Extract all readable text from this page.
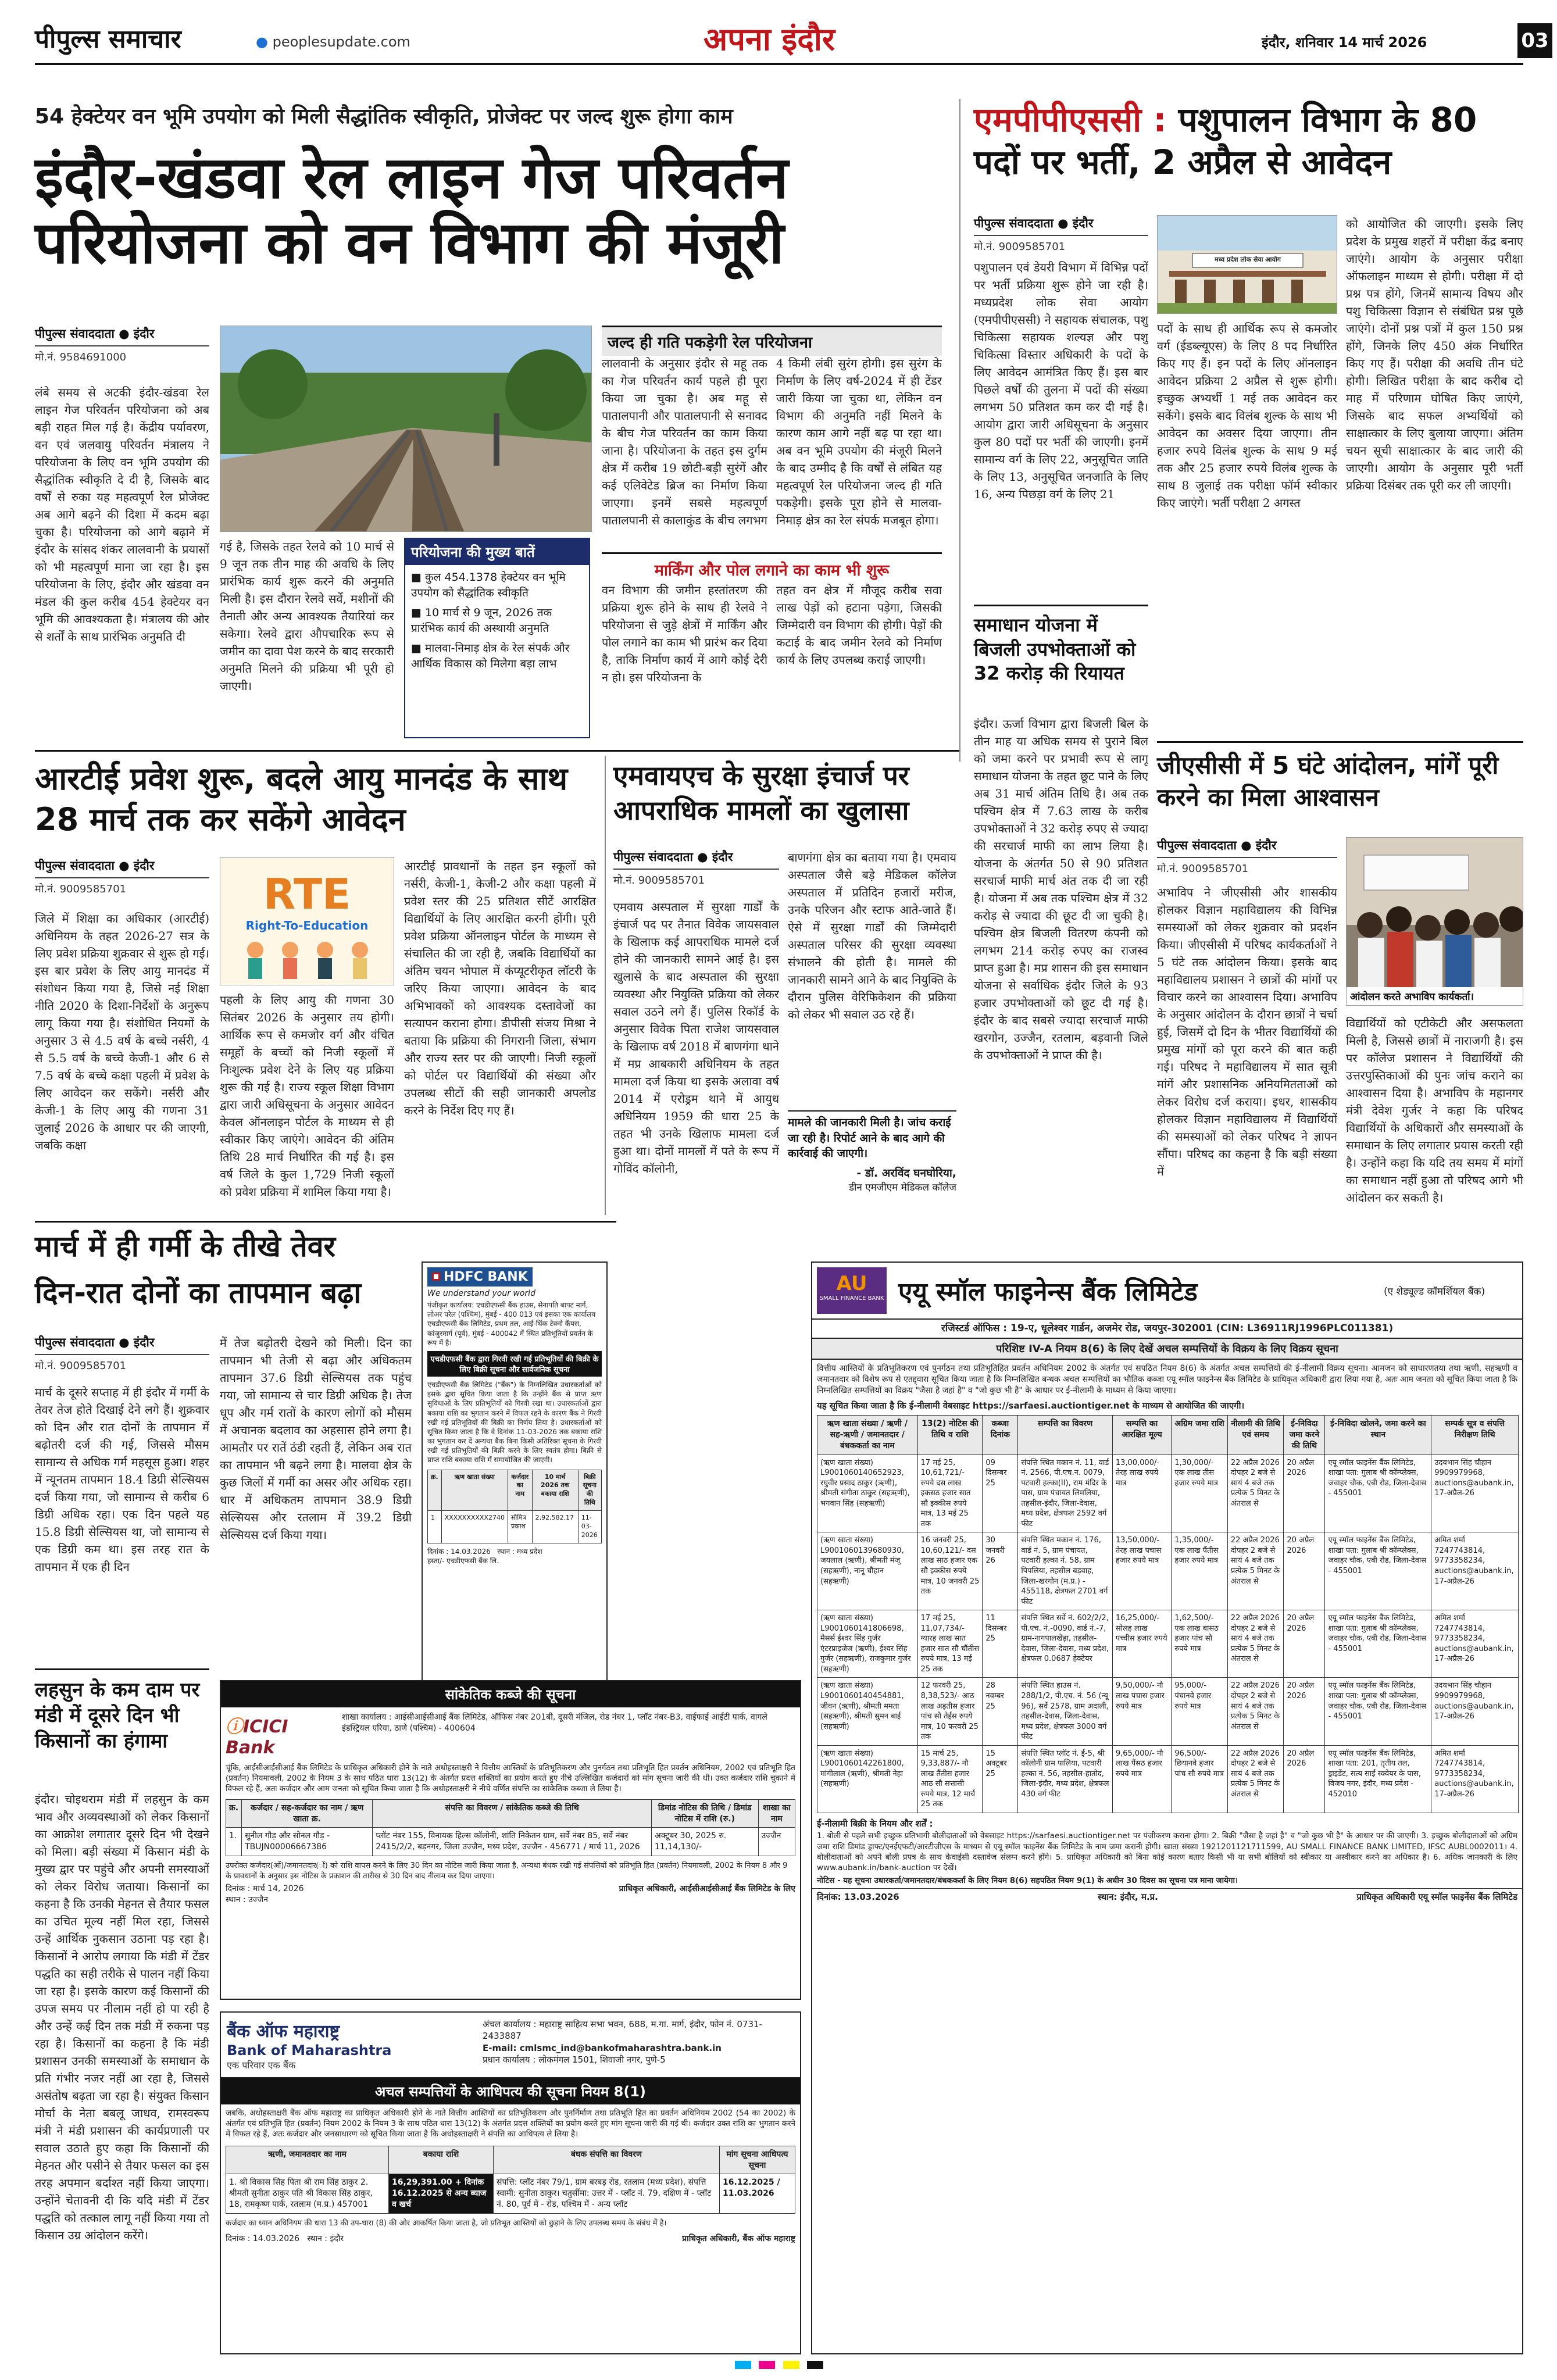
पीपुल्स समाचार	● peoplesupdate.com	अपना इंदौर	इंदौर, शनिवार 14 मार्च 2026	03
54 हेक्टेयर वन भूमि उपयोग को मिली सैद्धांतिक स्वीकृति, प्रोजेक्ट पर जल्द शुरू होगा काम
इंदौर-खंडवा रेल लाइन गेज परिवर्तन परियोजना को वन विभाग की मंजूरी
पीपुल्स संवाददाता ● इंदौर
मो.नं. 9584691000
लंबे समय से अटकी इंदौर-खंडवा रेल लाइन गेज परिवर्तन परियोजना को अब बड़ी राहत मिल गई है। केंद्रीय पर्यावरण, वन एवं जलवायु परिवर्तन मंत्रालय ने परियोजना के लिए वन भूमि उपयोग की सैद्धांतिक स्वीकृति दे दी है, जिसके बाद वर्षों से रुका यह महत्वपूर्ण रेल प्रोजेक्ट अब आगे बढ़ने की दिशा में कदम बढ़ा चुका है। परियोजना को आगे बढ़ाने में इंदौर के सांसद शंकर लालवानी के प्रयासों को भी महत्वपूर्ण माना जा रहा है। इस परियोजना के लिए, इंदौर और खंडवा वन मंडल की कुल करीब 454 हेक्टेयर वन भूमि की आवश्यकता है। मंत्रालय की ओर से शर्तों के साथ प्रारंभिक अनुमति दी
गई है, जिसके तहत रेलवे को 10 मार्च से 9 जून तक तीन माह की अवधि के लिए प्रारंभिक कार्य शुरू करने की अनुमति मिली है। इस दौरान रेलवे सर्वे, मशीनों की तैनाती और अन्य आवश्यक तैयारियां कर सकेगा। रेलवे द्वारा औपचारिक रूप से जमीन का दावा पेश करने के बाद सरकारी अनुमति मिलने की प्रक्रिया भी पूरी हो जाएगी।
परियोजना की मुख्य बातें
■ कुल 454.1378 हेक्टेयर वन भूमि उपयोग को सैद्धांतिक स्वीकृति
■ 10 मार्च से 9 जून, 2026 तक प्रारंभिक कार्य की अस्थायी अनुमति
■ मालवा-निमाड़ क्षेत्र के रेल संपर्क और आर्थिक विकास को मिलेगा बड़ा लाभ
जल्द ही गति पकड़ेगी रेल परियोजना
लालवानी के अनुसार इंदौर से महू तक का गेज परिवर्तन कार्य पहले ही पूरा किया जा चुका है। अब महू से पातालपानी और पातालपानी से सनावद के बीच गेज परिवर्तन का काम किया जाना है। परियोजना के तहत इस दुर्गम क्षेत्र में करीब 19 छोटी-बड़ी सुरंगें और कई एलिवेटेड ब्रिज का निर्माण किया जाएगा। इनमें सबसे महत्वपूर्ण पातालपानी से कालाकुंड के बीच लगभग
4 किमी लंबी सुरंग होगी। इस सुरंग के निर्माण के लिए वर्ष-2024 में ही टेंडर जारी किया जा चुका था, लेकिन वन विभाग की अनुमति नहीं मिलने के कारण काम आगे नहीं बढ़ पा रहा था। अब वन भूमि उपयोग की मंजूरी मिलने के बाद उम्मीद है कि वर्षों से लंबित यह महत्वपूर्ण रेल परियोजना जल्द ही गति पकड़ेगी। इसके पूरा होने से मालवा-निमाड़ क्षेत्र का रेल संपर्क मजबूत होगा।
मार्किंग और पोल लगाने का काम भी शुरू
वन विभाग की जमीन हस्तांतरण की प्रक्रिया शुरू होने के साथ ही रेलवे ने परियोजना से जुड़े क्षेत्रों में मार्किंग और पोल लगाने का काम भी प्रारंभ कर दिया है, ताकि निर्माण कार्य में आगे कोई देरी न हो। इस परियोजना के
तहत वन क्षेत्र में मौजूद करीब सवा लाख पेड़ों को हटाना पड़ेगा, जिसकी जिम्मेदारी वन विभाग की होगी। पेड़ों की कटाई के बाद जमीन रेलवे को निर्माण कार्य के लिए उपलब्ध कराई जाएगी।
एमपीपीएससी : पशुपालन विभाग के 80 पदों पर भर्ती, 2 अप्रैल से आवेदन
पीपुल्स संवाददाता ● इंदौर
मो.नं. 9009585701
मध्य प्रदेश लोक सेवा आयोग
पशुपालन एवं डेयरी विभाग में विभिन्न पदों पर भर्ती प्रक्रिया शुरू होने जा रही है। मध्यप्रदेश लोक सेवा आयोग (एमपीपीएससी) ने सहायक संचालक, पशु चिकित्सा सहायक शल्यज्ञ और पशु चिकित्सा विस्तार अधिकारी के पदों के लिए आवेदन आमंत्रित किए हैं। इस बार पिछले वर्षों की तुलना में पदों की संख्या लगभग 50 प्रतिशत कम कर दी गई है। आयोग द्वारा जारी अधिसूचना के अनुसार कुल 80 पदों पर भर्ती की जाएगी। इनमें सामान्य वर्ग के लिए 22, अनुसूचित जाति के लिए 13, अनुसूचित जनजाति के लिए 16, अन्य पिछड़ा वर्ग के लिए 21
पदों के साथ ही आर्थिक रूप से कमजोर वर्ग (ईडब्ल्यूएस) के लिए 8 पद निर्धारित किए गए हैं। इन पदों के लिए ऑनलाइन आवेदन प्रक्रिया 2 अप्रैल से शुरू होगी। इच्छुक अभ्यर्थी 1 मई तक आवेदन कर सकेंगे। इसके बाद विलंब शुल्क के साथ भी आवेदन का अवसर दिया जाएगा। तीन हजार रुपये विलंब शुल्क के साथ 9 मई तक और 25 हजार रुपये विलंब शुल्क के साथ 8 जुलाई तक परीक्षा फॉर्म स्वीकार किए जाएंगे। भर्ती परीक्षा 2 अगस्त
को आयोजित की जाएगी। इसके लिए प्रदेश के प्रमुख शहरों में परीक्षा केंद्र बनाए जाएंगे। आयोग के अनुसार परीक्षा ऑफलाइन माध्यम से होगी। परीक्षा में दो प्रश्न पत्र होंगे, जिनमें सामान्य विषय और पशु चिकित्सा विज्ञान से संबंधित प्रश्न पूछे जाएंगे। दोनों प्रश्न पत्रों में कुल 150 प्रश्न होंगे, जिनके लिए 450 अंक निर्धारित किए गए हैं। परीक्षा की अवधि तीन घंटे होगी। लिखित परीक्षा के बाद करीब दो माह में परिणाम घोषित किए जाएंगे, जिसके बाद सफल अभ्यर्थियों को साक्षात्कार के लिए बुलाया जाएगा। अंतिम चयन सूची साक्षात्कार के बाद जारी की जाएगी। आयोग के अनुसार पूरी भर्ती प्रक्रिया दिसंबर तक पूरी कर ली जाएगी।
समाधान योजना में बिजली उपभोक्ताओं को 32 करोड़ की रियायत
इंदौर। ऊर्जा विभाग द्वारा बिजली बिल के तीन माह या अधिक समय से पुराने बिल को जमा करने पर प्रभावी रूप से लागू समाधान योजना के तहत छूट पाने के लिए अब 31 मार्च अंतिम तिथि है। अब तक पश्चिम क्षेत्र में 7.63 लाख के करीब उपभोक्ताओं ने 32 करोड़ रुपए से ज्यादा की सरचार्ज माफी का लाभ लिया है। योजना के अंतर्गत 50 से 90 प्रतिशत सरचार्ज माफी मार्च अंत तक दी जा रही है। योजना में अब तक पश्चिम क्षेत्र में 32 करोड़ से ज्यादा की छूट दी जा चुकी है। पश्चिम क्षेत्र बिजली वितरण कंपनी को लगभग 214 करोड़ रुपए का राजस्व प्राप्त हुआ है। मप्र शासन की इस समाधान योजना से सर्वाधिक इंदौर जिले के 93 हजार उपभोक्ताओं को छूट दी गई है। इंदौर के बाद सबसे ज्यादा सरचार्ज माफी खरगोन, उज्जैन, रतलाम, बड़वानी जिले के उपभोक्ताओं ने प्राप्त की है।
जीएसीसी में 5 घंटे आंदोलन, मांगें पूरी करने का मिला आश्वासन
पीपुल्स संवाददाता ● इंदौर
मो.नं. 9009585701
आंदोलन करते अभाविप कार्यकर्ता।
अभाविप ने जीएसीसी और शासकीय होलकर विज्ञान महाविद्यालय की विभिन्न समस्याओं को लेकर शुक्रवार को प्रदर्शन किया। जीएसीसी में परिषद कार्यकर्ताओं ने 5 घंटे तक आंदोलन किया। इसके बाद महाविद्यालय प्रशासन ने छात्रों की मांगों पर विचार करने का आश्वासन दिया। अभाविप के अनुसार आंदोलन के दौरान छात्रों ने चर्चा हुई, जिसमें दो दिन के भीतर विद्यार्थियों की प्रमुख मांगों को पूरा करने की बात कही गई। परिषद ने महाविद्यालय में सात सूत्री मांगें और प्रशासनिक अनियमितताओं को लेकर विरोध दर्ज कराया। इधर, शासकीय होलकर विज्ञान महाविद्यालय में विद्यार्थियों की समस्याओं को लेकर परिषद ने ज्ञापन सौंपा। परिषद का कहना है कि बड़ी संख्या में
विद्यार्थियों को एटीकेटी और असफलता मिली है, जिससे छात्रों में नाराजगी है। इस पर कॉलेज प्रशासन ने विद्यार्थियों की उत्तरपुस्तिकाओं की पुनः जांच कराने का आश्वासन दिया है। अभाविप के महानगर मंत्री देवेश गुर्जर ने कहा कि परिषद विद्यार्थियों के अधिकारों और समस्याओं के समाधान के लिए लगातार प्रयास करती रही है। उन्होंने कहा कि यदि तय समय में मांगों का समाधान नहीं हुआ तो परिषद आगे भी आंदोलन कर सकती है।
आरटीई प्रवेश शुरू, बदले आयु मानदंड के साथ 28 मार्च तक कर सकेंगे आवेदन
पीपुल्स संवाददाता ● इंदौर
मो.नं. 9009585701
जिले में शिक्षा का अधिकार (आरटीई) अधिनियम के तहत 2026-27 सत्र के लिए प्रवेश प्रक्रिया शुक्रवार से शुरू हो गई। इस बार प्रवेश के लिए आयु मानदंड में संशोधन किया गया है, जिसे नई शिक्षा नीति 2020 के दिशा-निर्देशों के अनुरूप लागू किया गया है। संशोधित नियमों के अनुसार 3 से 4.5 वर्ष के बच्चे नर्सरी, 4 से 5.5 वर्ष के बच्चे केजी-1 और 6 से 7.5 वर्ष के बच्चे कक्षा पहली में प्रवेश के लिए आवेदन कर सकेंगे। नर्सरी और केजी-1 के लिए आयु की गणना 31 जुलाई 2026 के आधार पर की जाएगी, जबकि कक्षा
RTE
Right-To-Education
पहली के लिए आयु की गणना 30 सितंबर 2026 के अनुसार तय होगी। आर्थिक रूप से कमजोर वर्ग और वंचित समूहों के बच्चों को निजी स्कूलों में निःशुल्क प्रवेश देने के लिए यह प्रक्रिया शुरू की गई है। राज्य स्कूल शिक्षा विभाग द्वारा जारी अधिसूचना के अनुसार आवेदन केवल ऑनलाइन पोर्टल के माध्यम से ही स्वीकार किए जाएंगे। आवेदन की अंतिम तिथि 28 मार्च निर्धारित की गई है। इस वर्ष जिले के कुल 1,729 निजी स्कूलों को प्रवेश प्रक्रिया में शामिल किया गया है।
आरटीई प्रावधानों के तहत इन स्कूलों को नर्सरी, केजी-1, केजी-2 और कक्षा पहली में प्रवेश स्तर की 25 प्रतिशत सीटें आरक्षित विद्यार्थियों के लिए आरक्षित करनी होंगी। पूरी प्रवेश प्रक्रिया ऑनलाइन पोर्टल के माध्यम से संचालित की जा रही है, जबकि विद्यार्थियों का अंतिम चयन भोपाल में कंप्यूटरीकृत लॉटरी के जरिए किया जाएगा। आवेदन के बाद अभिभावकों को आवश्यक दस्तावेजों का सत्यापन कराना होगा। डीपीसी संजय मिश्रा ने बताया कि प्रक्रिया की निगरानी जिला, संभाग और राज्य स्तर पर की जाएगी। निजी स्कूलों को पोर्टल पर विद्यार्थियों की संख्या और उपलब्ध सीटों की सही जानकारी अपलोड करने के निर्देश दिए गए हैं।
एमवायएच के सुरक्षा इंचार्ज पर आपराधिक मामलों का खुलासा
पीपुल्स संवाददाता ● इंदौर
मो.नं. 9009585701
एमवाय अस्पताल में सुरक्षा गार्डों के इंचार्ज पद पर तैनात विवेक जायसवाल के खिलाफ कई आपराधिक मामले दर्ज होने की जानकारी सामने आई है। इस खुलासे के बाद अस्पताल की सुरक्षा व्यवस्था और नियुक्ति प्रक्रिया को लेकर सवाल उठने लगे हैं। पुलिस रिकॉर्ड के अनुसार विवेक पिता राजेश जायसवाल के खिलाफ वर्ष 2018 में बाणगंगा थाने में मप्र आबकारी अधिनियम के तहत मामला दर्ज किया था इसके अलावा वर्ष 2014 में एरोड्रम थाने में आयुध अधिनियम 1959 की धारा 25 के तहत भी उनके खिलाफ मामला दर्ज हुआ था। दोनों मामलों में पते के रूप में गोविंद कॉलोनी,
बाणगंगा क्षेत्र का बताया गया है। एमवाय अस्पताल जैसे बड़े मेडिकल कॉलेज अस्पताल में प्रतिदिन हजारों मरीज, उनके परिजन और स्टाफ आते-जाते हैं। ऐसे में सुरक्षा गार्डों की जिम्मेदारी अस्पताल परिसर की सुरक्षा व्यवस्था संभालने की होती है। मामले की जानकारी सामने आने के बाद नियुक्ति के दौरान पुलिस वेरिफिकेशन की प्रक्रिया को लेकर भी सवाल उठ रहे हैं।
मामले की जानकारी मिली है। जांच कराई जा रही है। रिपोर्ट आने के बाद आगे की कार्रवाई की जाएगी।
- डॉ. अरविंद घनघोरिया,
डीन एमजीएम मेडिकल कॉलेज
मार्च में ही गर्मी के तीखे तेवर
दिन-रात दोनों का तापमान बढ़ा
पीपुल्स संवाददाता ● इंदौर
मो.नं. 9009585701
मार्च के दूसरे सप्ताह में ही इंदौर में गर्मी के तेवर तेज होते दिखाई देने लगे हैं। शुक्रवार को दिन और रात दोनों के तापमान में बढ़ोतरी दर्ज की गई, जिससे मौसम सामान्य से अधिक गर्म महसूस हुआ। शहर में न्यूनतम तापमान 18.4 डिग्री सेल्सियस दर्ज किया गया, जो सामान्य से करीब 6 डिग्री अधिक रहा। एक दिन पहले यह 15.8 डिग्री सेल्सियस था, जो सामान्य से एक डिग्री कम था। इस तरह रात के तापमान में एक ही दिन
में तेज बढ़ोतरी देखने को मिली। दिन का तापमान भी तेजी से बढ़ा और अधिकतम तापमान 37.6 डिग्री सेल्सियस तक पहुंच गया, जो सामान्य से चार डिग्री अधिक है। तेज धूप और गर्म रातों के कारण लोगों को मौसम में अचानक बदलाव का अहसास होने लगा है। आमतौर पर रातें ठंडी रहती हैं, लेकिन अब रात का तापमान भी बढ़ने लगा है। मालवा क्षेत्र के कुछ जिलों में गर्मी का असर और अधिक रहा। धार में अधिकतम तापमान 38.9 डिग्री सेल्सियस और रतलाम में 39.2 डिग्री सेल्सियस दर्ज किया गया।
लहसुन के कम दाम पर मंडी में दूसरे दिन भी किसानों का हंगामा
इंदौर। चोइथराम मंडी में लहसुन के कम भाव और अव्यवस्थाओं को लेकर किसानों का आक्रोश लगातार दूसरे दिन भी देखने को मिला। बड़ी संख्या में किसान मंडी के मुख्य द्वार पर पहुंचे और अपनी समस्याओं को लेकर विरोध जताया। किसानों का कहना है कि उनकी मेहनत से तैयार फसल का उचित मूल्य नहीं मिल रहा, जिससे उन्हें आर्थिक नुकसान उठाना पड़ रहा है। किसानों ने आरोप लगाया कि मंडी में टेंडर पद्धति का सही तरीके से पालन नहीं किया जा रहा है। इसके कारण कई किसानों की उपज समय पर नीलाम नहीं हो पा रही है और उन्हें कई दिन तक मंडी में रुकना पड़ रहा है। किसानों का कहना है कि मंडी प्रशासन उनकी समस्याओं के समाधान के प्रति गंभीर नजर नहीं आ रहा है, जिससे असंतोष बढ़ता जा रहा है। संयुक्त किसान मोर्चा के नेता बबलू जाधव, रामस्वरूप मंत्री ने मंडी प्रशासन की कार्यप्रणाली पर सवाल उठाते हुए कहा कि किसानों की मेहनत और पसीने से तैयार फसल का इस तरह अपमान बर्दाश्त नहीं किया जाएगा। उन्होंने चेतावनी दी कि यदि मंडी में टेंडर पद्धति को तत्काल लागू नहीं किया गया तो किसान उग्र आंदोलन करेंगे।
HDFC BANK
We understand your world
पंजीकृत कार्यालय: एचडीएफसी बैंक हाउस, सेनापति बापट मार्ग, लोअर परेल (पश्चिम), मुंबई - 400 013 एवं इसका एक कार्यालय एचडीएफसी बैंक लिमिटेड, प्रथम तल, आई-थिंक टेक्नो कैंपस, कांजुरमार्ग (पूर्व), मुंबई - 400042 में स्थित प्रतिभूतियों प्रवर्तन के रूप में है।
एचडीएफसी बैंक द्वारा गिरवी रखी गई प्रतिभूतियों की बिक्री के लिए बिक्री सूचना और सार्वजनिक सूचना
एचडीएफसी बैंक लिमिटेड ("बैंक") के निम्नलिखित उधारकर्ताओं को इसके द्वारा सूचित किया जाता है कि उन्होंने बैंक से प्राप्त ऋण सुविधाओं के लिए प्रतिभूतियों को गिरवी रखा था। उधारकर्ताओं द्वारा बकाया राशि का भुगतान करने में विफल रहने के कारण बैंक ने गिरवी रखी गई प्रतिभूतियों की बिक्री का निर्णय लिया है। उधारकर्ताओं को सूचित किया जाता है कि वे दिनांक 11-03-2026 तक बकाया राशि का भुगतान कर दें अन्यथा बैंक बिना किसी अतिरिक्त सूचना के गिरवी रखी गई प्रतिभूतियों की बिक्री करने के लिए स्वतंत्र होगा। बिक्री से प्राप्त राशि बकाया राशि में समायोजित की जाएगी।
क्र.	ऋण खाता संख्या	कर्जदार का नाम	10 मार्च 2026 तक बकाया राशि	बिक्री सूचना की तिथि
1	XXXXXXXXXX2740	सौमित्र प्रकाश	2,92,582.17	11-03-2026
दिनांक : 14.03.2026 स्थान : मध्य प्रदेश
हस्ता/- एचडीएफसी बैंक लि.
सांकेतिक कब्जे की सूचना
ⓘICICI Bank
शाखा कार्यालय : आईसीआईसीआई बैंक लिमिटेड, ऑफिस नंबर 201बी, दूसरी मंजिल, रोड नंबर 1, प्लॉट नंबर-B3, वाईफाई आईटी पार्क, वागले इंडस्ट्रियल एरिया, ठाणे (पश्चिम) - 400604
चूंकि, आईसीआईसीआई बैंक लिमिटेड के प्राधिकृत अधिकारी होने के नाते अधोहस्ताक्षरी ने वित्तीय आस्तियों के प्रतिभूतिकरण और पुनर्गठन तथा प्रतिभूति हित प्रवर्तन अधिनियम, 2002 एवं प्रतिभूति हित (प्रवर्तन) नियमावली, 2002 के नियम 3 के साथ पठित धारा 13(12) के अंतर्गत प्रदत्त शक्तियों का प्रयोग करते हुए नीचे उल्लिखित कर्जदारों को मांग सूचना जारी की थी। उक्त कर्जदार राशि चुकाने में विफल रहे हैं, अतः कर्जदार और आम जनता को सूचित किया जाता है कि अधोहस्ताक्षरी ने नीचे वर्णित संपत्ति का सांकेतिक कब्जा ले लिया है।
क्र.	कर्जदार / सह-कर्जदार का नाम / ऋण खाता क्र.	संपत्ति का विवरण / सांकेतिक कब्जे की तिथि	डिमांड नोटिस की तिथि / डिमांड नोटिस में राशि (रु.)	शाखा का नाम
1.	सुनील गौड़ और सोनल गौड़ - TBUJN00006667386	प्लॉट नंबर 155, विनायक हिल्स कॉलोनी, शांति निकेतन ग्राम, सर्वे नंबर 85, सर्वे नंबर 2415/2/2, बड़नगर, जिला उज्जैन, मध्य प्रदेश, उज्जैन - 456771 / मार्च 11, 2026	अक्टूबर 30, 2025 रु. 11,14,130/-	उज्जैन
उपरोक्त कर्जदार(ओं)/जमानतदार(ों) को राशि वापस करने के लिए 30 दिन का नोटिस जारी किया जाता है, अन्यथा बंधक रखी गई संपत्तियों को प्रतिभूति हित (प्रवर्तन) नियमावली, 2002 के नियम 8 और 9 के प्रावधानों के अनुसार इस नोटिस के प्रकाशन की तारीख से 30 दिन बाद नीलाम कर दिया जाएगा।
दिनांक : मार्च 14, 2026
स्थान : उज्जैन
प्राधिकृत अधिकारी, आईसीआईसीआई बैंक लिमिटेड के लिए
बैंक ऑफ महाराष्ट्र
Bank of Maharashtra
एक परिवार एक बैंक
अंचल कार्यालय : महाराष्ट्र साहित्य सभा भवन, 688, म.गा. मार्ग, इंदौर, फोन नं. 0731-2433887
E-mail: cmlsmc_ind@bankofmaharashtra.bank.in
प्रधान कार्यालय : लोकमंगल 1501, शिवाजी नगर, पुणे-5
अचल सम्पत्तियों के आधिपत्य की सूचना नियम 8(1)
जबकि, अधोहस्ताक्षरी बैंक ऑफ महाराष्ट्र का प्राधिकृत अधिकारी होने के नाते वित्तीय आस्तियों का प्रतिभूतिकरण और पुनर्निर्माण तथा प्रतिभूति हित का प्रवर्तन अधिनियम 2002 (54 का 2002) के अंतर्गत एवं प्रतिभूति हित (प्रवर्तन) नियम 2002 के नियम 3 के साथ पठित धारा 13(12) के अंतर्गत प्रदत्त शक्तियों का प्रयोग करते हुए मांग सूचना जारी की गई थी। कर्जदार उक्त राशि का भुगतान करने में विफल रहे हैं, अतः कर्जदार और जनसाधारण को सूचित किया जाता है कि अधोहस्ताक्षरी ने संपत्ति का आधिपत्य ले लिया है।
ऋणी, जमानतदार का नाम	बकाया राशि	बंधक संपत्ति का विवरण	मांग सूचना आधिपत्य सूचना
1. श्री विकास सिंह पिता श्री राम सिंह ठाकुर 2. श्रीमती सुनीता ठाकुर पति श्री विकास सिंह ठाकुर, 18, रामकृष्ण पार्क, रतलाम (म.प्र.) 457001	16,29,391.00 + दिनांक 16.12.2025 से अन्य ब्याज व खर्च	संपत्ति: प्लॉट नंबर 79/1, ग्राम बरबड़ रोड, रतलाम (मध्य प्रदेश), संपत्ति स्वामी: सुनीता ठाकुर। चतुर्सीमा: उत्तर में - प्लॉट नं. 79, दक्षिण में - प्लॉट नं. 80, पूर्व में - रोड, पश्चिम में - अन्य प्लॉट	16.12.2025 / 11.03.2026
कर्जदार का ध्यान अधिनियम की धारा 13 की उप-धारा (8) की ओर आकर्षित किया जाता है, जो प्रतिभूत आस्तियों को छुड़ाने के लिए उपलब्ध समय के संबंध में है।
दिनांक : 14.03.2026 स्थान : इंदौर	प्राधिकृत अधिकारी, बैंक ऑफ महाराष्ट्र
AU
SMALL FINANCE BANK एयू स्मॉल फाइनेन्स बैंक लिमिटेड	(ए शेड्यूल्ड कॉमर्शियल बैंक)
रजिस्टर्ड ऑफिस : 19-ए, धूलेश्वर गार्डन, अजमेर रोड, जयपुर-302001 (CIN: L36911RJ1996PLC011381)
परिशिष्ट IV-A नियम 8(6) के लिए देखें अचल सम्पत्तियों के विक्रय के लिए विक्रय सूचना
वित्तीय आस्तियों के प्रतिभूतिकरण एवं पुनर्गठन तथा प्रतिभूतिहित प्रवर्तन अधिनियम 2002 के अंतर्गत एवं सपठित नियम 8(6) के अंतर्गत अचल सम्पत्तियों की ई-नीलामी विक्रय सूचना। आमजन को साधारणतया तथा ऋणी, सहऋणी व जमानतदार को विशेष रूप से एतद्द्वारा सूचित किया जाता है कि निम्नलिखित बन्धक अचल सम्पत्तियों का भौतिक कब्जा एयू स्मॉल फाइनेन्स बैंक लिमिटेड के प्राधिकृत अधिकारी द्वारा लिया गया है, अतः आम जनता को सूचित किया जाता है कि निम्नलिखित सम्पत्तियों का विक्रय "जैसा है जहां है" व "जो कुछ भी है" के आधार पर ई-नीलामी के माध्यम से किया जाएगा।
यह सूचित किया जाता है कि ई-नीलामी वेबसाइट https://sarfaesi.auctiontiger.net के माध्यम से आयोजित की जाएगी।
ऋण खाता संख्या / ऋणी / सह-ऋणी / जमानतदार / बंधककर्ता का नाम	13(2) नोटिस की तिथि व राशि	कब्जा दिनांक	सम्पत्ति का विवरण	सम्पत्ति का आरक्षित मूल्य	अग्रिम जमा राशि	नीलामी की तिथि एवं समय	ई-निविदा जमा करने की तिथि	ई-निविदा खोलने, जमा करने का स्थान	सम्पर्क सूत्र व संपत्ति निरीक्षण तिथि
(ऋण खाता संख्या) L9001060140652923, रघुवीर प्रसाद ठाकुर (ऋणी), श्रीमती संगीता ठाकुर (सहऋणी), भगवान सिंह (सहऋणी)	17 मई 25, 10,61,721/- रुपये दस लाख इकसठ हजार सात सौ इक्कीस रुपये मात्र, 13 मई 25 तक	09 दिसम्बर 25	संपत्ति स्थित मकान नं. 11, वार्ड नं. 2566, पी.एच.न. 0079, पटवारी हल्का(II), राम मंदिर के पास, ग्राम पंचायत लिमलिया, तहसील-इंदौर, जिला-देवास, मध्य प्रदेश, क्षेत्रफल 2592 वर्ग फीट	13,00,000/- तेरह लाख रुपये मात्र	1,30,000/- एक लाख तीस हजार रुपये मात्र	22 अप्रैल 2026 दोपहर 2 बजे से सायं 4 बजे तक प्रत्येक 5 मिनट के अंतराल से	20 अप्रैल 2026	एयू स्मॉल फाइनेंस बैंक लिमिटेड, शाखा पता: गुलाब श्री कॉम्प्लेक्स, जवाहर चौक, एबी रोड, जिला-देवास - 455001	उदयभान सिंह चौहान 9909979968, auctions@aubank.in, 17-अप्रैल-26
(ऋण खाता संख्या) L9001060139680930, जयलाल (ऋणी), श्रीमती मंजू (सहऋणी), नानू चौहान (सहऋणी)	16 जनवरी 25, 10,60,121/- दस लाख साठ हजार एक सौ इक्कीस रुपये मात्र, 10 जनवरी 25 तक	30 जनवरी 26	संपत्ति स्थित मकान नं. 176, वार्ड नं. 5, ग्राम पंचायत, पटवारी हल्का नं. 58, ग्राम पिपलिया, तहसील बड़वाह, जिला-खरगोन (म.प्र.) - 455118, क्षेत्रफल 2701 वर्ग फीट	13,50,000/- तेरह लाख पचास हजार रुपये मात्र	1,35,000/- एक लाख पैंतीस हजार रुपये मात्र	22 अप्रैल 2026 दोपहर 2 बजे से सायं 4 बजे तक प्रत्येक 5 मिनट के अंतराल से	20 अप्रैल 2026	एयू स्मॉल फाइनेंस बैंक लिमिटेड, शाखा पता: गुलाब श्री कॉम्प्लेक्स, जवाहर चौक, एबी रोड, जिला-देवास - 455001	अमित शर्मा 7247743814, 9773358234, auctions@aubank.in, 17-अप्रैल-26
(ऋण खाता संख्या) L9001060141806698, मैसर्स ईश्वर सिंह गुर्जर एंटरप्राइजेज (ऋणी), ईश्वर सिंह गुर्जर (सहऋणी), राजकुमार गुर्जर (सहऋणी)	17 मई 25, 11,07,734/- ग्यारह लाख सात हजार सात सौ चौंतीस रुपये मात्र, 13 मई 25 तक	11 दिसम्बर 25	संपत्ति स्थित सर्वे नं. 602/2/2, पी.एच. नं.-0090, वार्ड नं.-7, ग्राम-नागपालखेड़ा, तहसील-देवास, जिला-देवास, मध्य प्रदेश, क्षेत्रफल 0.0687 हेक्टेयर	16,25,000/- सोलह लाख पच्चीस हजार रुपये मात्र	1,62,500/- एक लाख बासठ हजार पांच सौ रुपये मात्र	22 अप्रैल 2026 दोपहर 2 बजे से सायं 4 बजे तक प्रत्येक 5 मिनट के अंतराल से	20 अप्रैल 2026	एयू स्मॉल फाइनेंस बैंक लिमिटेड, शाखा पता: गुलाब श्री कॉम्प्लेक्स, जवाहर चौक, एबी रोड, जिला-देवास - 455001	अमित शर्मा 7247743814, 9773358234, auctions@aubank.in, 17-अप्रैल-26
(ऋण खाता संख्या) L9001060140454881, जीवन (ऋणी), श्रीमती ममता (सहऋणी), श्रीमती सुमन बाई (सहऋणी)	12 फरवरी 25, 8,38,523/- आठ लाख अड़तीस हजार पांच सौ तेईस रुपये मात्र, 10 फरवरी 25 तक	28 नवम्बर 25	संपत्ति स्थित हाउस नं. 288/1/2, पी.एच. नं. 56 (न्यू 96), सर्वे 2578, ग्राम अदाली, तहसील-देवास, जिला-देवास, मध्य प्रदेश, क्षेत्रफल 3000 वर्ग फीट	9,50,000/- नौ लाख पचास हजार रुपये मात्र	95,000/- पंचानवे हजार रुपये मात्र	22 अप्रैल 2026 दोपहर 2 बजे से सायं 4 बजे तक प्रत्येक 5 मिनट के अंतराल से	20 अप्रैल 2026	एयू स्मॉल फाइनेंस बैंक लिमिटेड, शाखा पता: गुलाब श्री कॉम्प्लेक्स, जवाहर चौक, एबी रोड, जिला-देवास - 455001	उदयभान सिंह चौहान 9909979968, auctions@aubank.in, 17-अप्रैल-26
(ऋण खाता संख्या) L9001060142261800, मांगीलाल (ऋणी), श्रीमती नेहा (सहऋणी)	15 मार्च 25, 9,33,887/- नौ लाख तैंतीस हजार आठ सौ सत्तासी रुपये मात्र, 12 मार्च 25 तक	15 अक्टूबर 25	संपत्ति स्थित प्लॉट नं. ई-5, श्री कॉलोनी ग्राम पालिया, पटवारी हल्का नं. 56, तहसील-हातोद, जिला-इंदौर, मध्य प्रदेश, क्षेत्रफल 430 वर्ग फीट	9,65,000/- नौ लाख पैंसठ हजार रुपये मात्र	96,500/- छियानवे हजार पांच सौ रुपये मात्र	22 अप्रैल 2026 दोपहर 2 बजे से सायं 4 बजे तक प्रत्येक 5 मिनट के अंतराल से	20 अप्रैल 2026	एयू स्मॉल फाइनेंस बैंक लिमिटेड, शाखा पता: 201, तृतीय तल, ड्राइडेंट, सत्य साईं स्क्वेयर के पास, विजय नगर, इंदौर, मध्य प्रदेश - 452010	अमित शर्मा 7247743814, 9773358234, auctions@aubank.in, 17-अप्रैल-26
ई-नीलामी बिक्री के नियम और शर्तें :
1. बोली से पहले सभी इच्छुक प्रतिभागी बोलीदाताओं को वेबसाइट https://sarfaesi.auctiontiger.net पर पंजीकरण कराना होगा। 2. बिक्री "जैसा है जहां है" व "जो कुछ भी है" के आधार पर की जाएगी। 3. इच्छुक बोलीदाताओं को अग्रिम जमा राशि डिमांड ड्राफ्ट/एनईएफटी/आरटीजीएस के माध्यम से एयू स्मॉल फाइनेंस बैंक लिमिटेड के नाम जमा करानी होगी। खाता संख्या 1921201121711599, AU SMALL FINANCE BANK LIMITED, IFSC AUBL0002011। 4. बोलीदाताओं को अपने बोली प्रपत्र के साथ केवाईसी दस्तावेज संलग्न करने होंगे। 5. प्राधिकृत अधिकारी को बिना कोई कारण बताए किसी भी या सभी बोलियों को स्वीकार या अस्वीकार करने का अधिकार है। 6. अधिक जानकारी के लिए www.aubank.in/bank-auction पर देखें।
नोटिस - यह सूचना उधारकर्ता/जमानतदार/बंधककर्ता के लिए नियम 8(6) सहपठित नियम 9(1) के अधीन 30 दिवस का सूचना पत्र माना जायेगा।
दिनांक: 13.03.2026	स्थान: इंदौर, म.प्र.	प्राधिकृत अधिकारी एयू स्मॉल फाइनेंस बैंक लिमिटेड
